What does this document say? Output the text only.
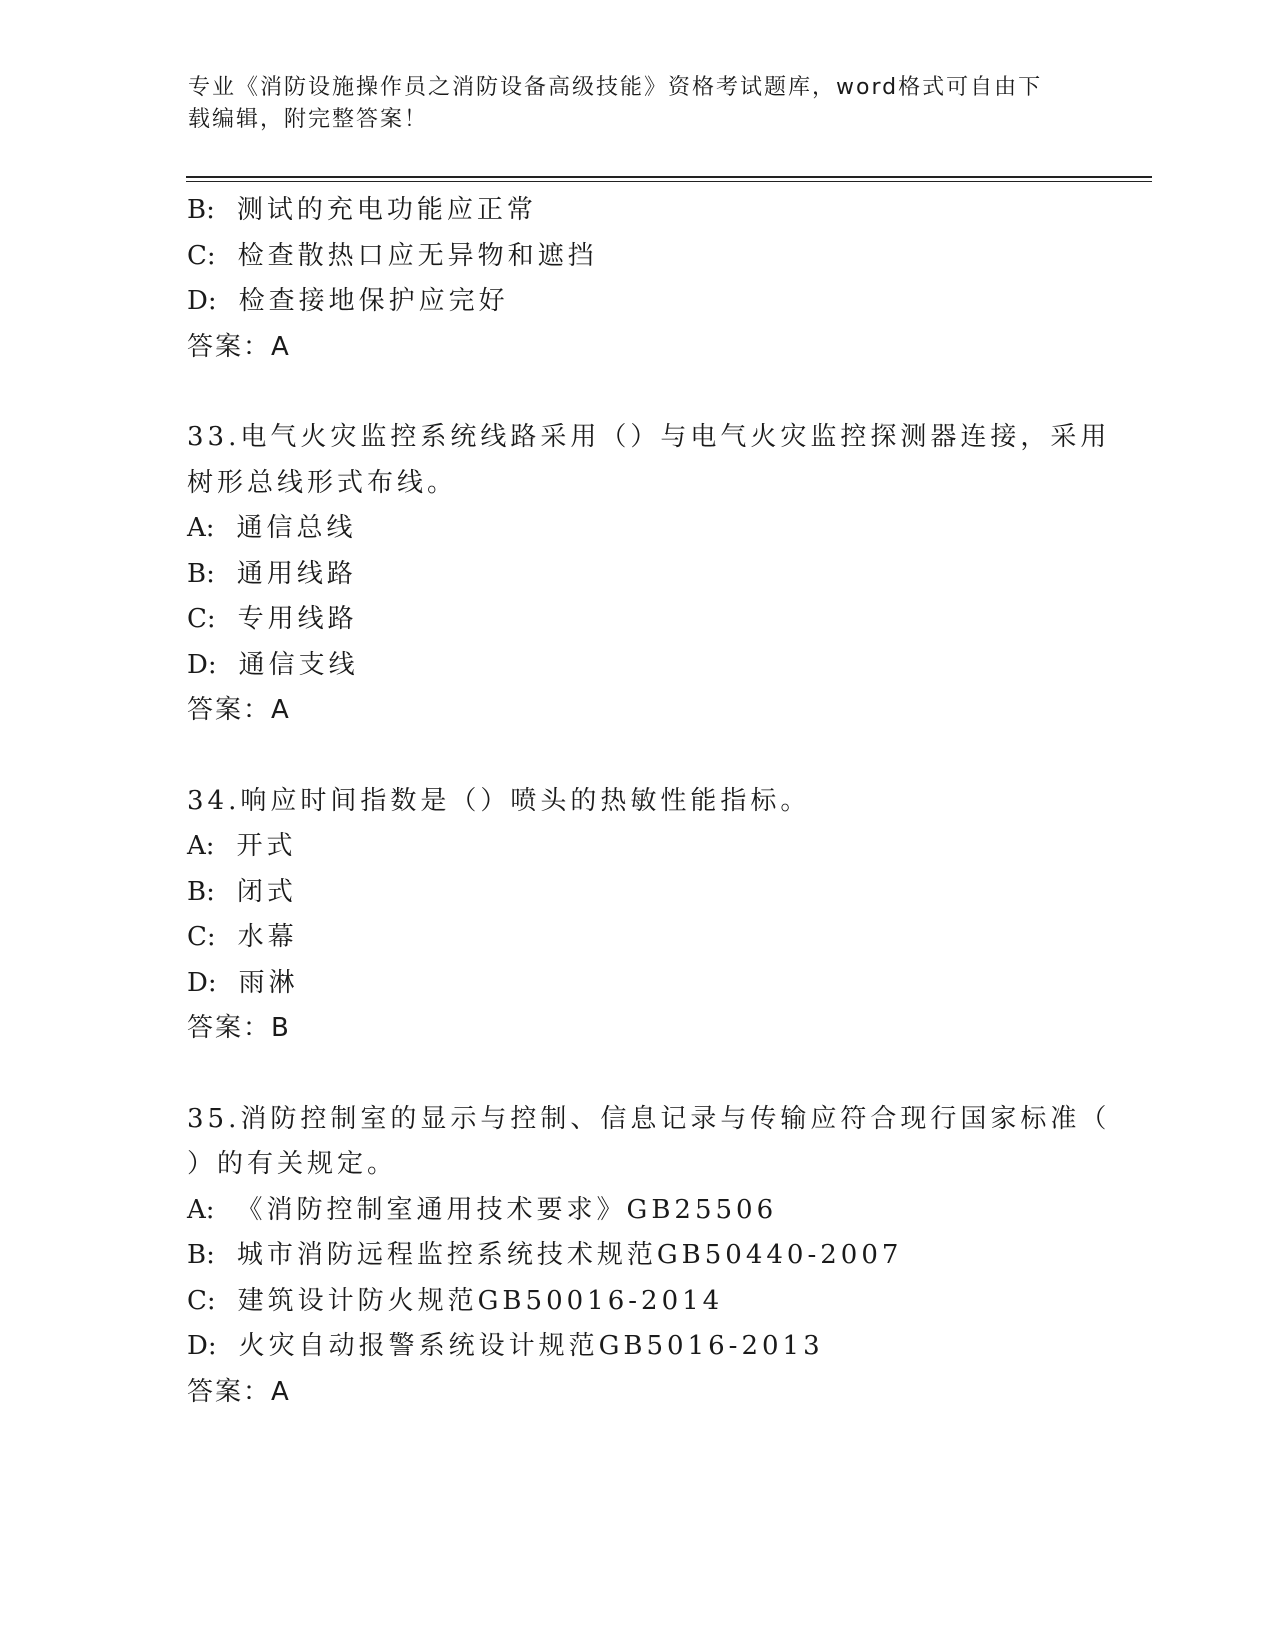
专业《消防设施操作员之消防设备高级技能》资格考试题库，word格式可自由下
载编辑，附完整答案！
B: 测试的充电功能应正常
C: 检查散热口应无异物和遮挡
D: 检查接地保护应完好
答案：A
33.电气火灾监控系统线路采用（）与电气火灾监控探测器连接，采用
树形总线形式布线。
A: 通信总线
B: 通用线路
C: 专用线路
D: 通信支线
答案：A
34.响应时间指数是（）喷头的热敏性能指标。
A: 开式
B: 闭式
C: 水幕
D: 雨淋
答案：B
35.消防控制室的显示与控制、信息记录与传输应符合现行国家标准（
）的有关规定。
A: 《消防控制室通用技术要求》GB25506
B: 城市消防远程监控系统技术规范GB50440-2007
C: 建筑设计防火规范GB50016-2014
D: 火灾自动报警系统设计规范GB5016-2013
答案：A
